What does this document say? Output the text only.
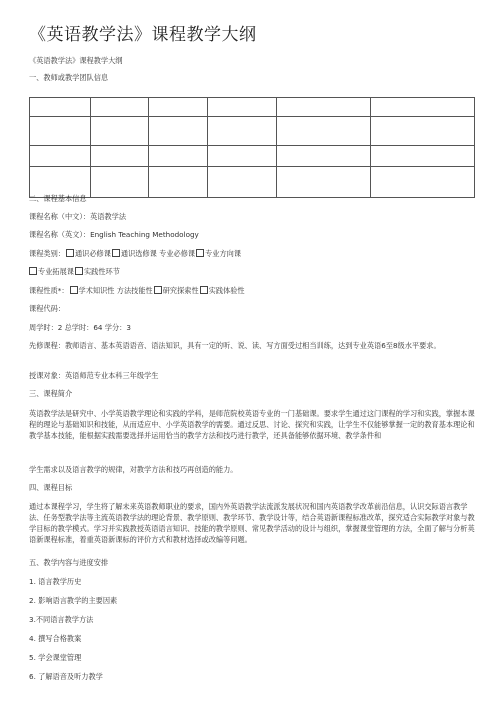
《英语教学法》课程教学大纲
《英语教学法》课程教学大纲
一、教师或教学团队信息

二、课程基本信息
课程名称（中文）：英语教学法
课程名称（英文）：English Teaching Methodology
课程类别： 通识必修课 通识选修课 专业必修课 专业方向课
专业拓展课 实践性环节
课程性质*： 学术知识性 方法技能性 研究探索性 实践体验性
课程代码：
周学时：2 总学时：64 学分：3
先修课程：教师语言、基本英语语音、语法知识，具有一定的听、说、读、写方面受过相当训练，达到专业英语6至8级水平要求。
授课对象：英语师范专业本科三年级学生
三、课程简介
英语教学法是研究中、小学英语教学理论和实践的学科，是师范院校英语专业的一门基础课。要求学生通过这门课程的学习和实践，掌握本课程的理论与基础知识和技能，从而适应中、小学英语教学的需要。通过反思、讨论、探究和实践，让学生不仅能够掌握一定的教育基本理论和教学基本技能，能根据实践需要选择并运用恰当的教学方法和技巧进行教学，还具备能够依据环境、教学条件和
学生需求以及语言教学的规律，对教学方法和技巧再创造的能力。
四、课程目标
通过本课程学习，学生将了解未来英语教师职业的要求，国内外英语教学法流派发展状况和国内英语教学改革前沿信息，认识交际语言教学法、任务型教学法等主流英语教学法的理论背景、教学原则、教学环节、教学设计等，结合英语新课程标准改革，探究适合实际教学对象与教学目标的教学模式。学习并实践教授英语语言知识、技能的教学原则、常见教学活动的设计与组织，掌握课堂管理的方法，全面了解与分析英语新课程标准，着重英语新课标的评价方式和教材选择或改编等问题。
五、教学内容与进度安排
1. 语言教学历史
2. 影响语言教学的主要因素
3.不同语言教学方法
4. 撰写合格教案
5. 学会课堂管理
6. 了解语音及听力教学
